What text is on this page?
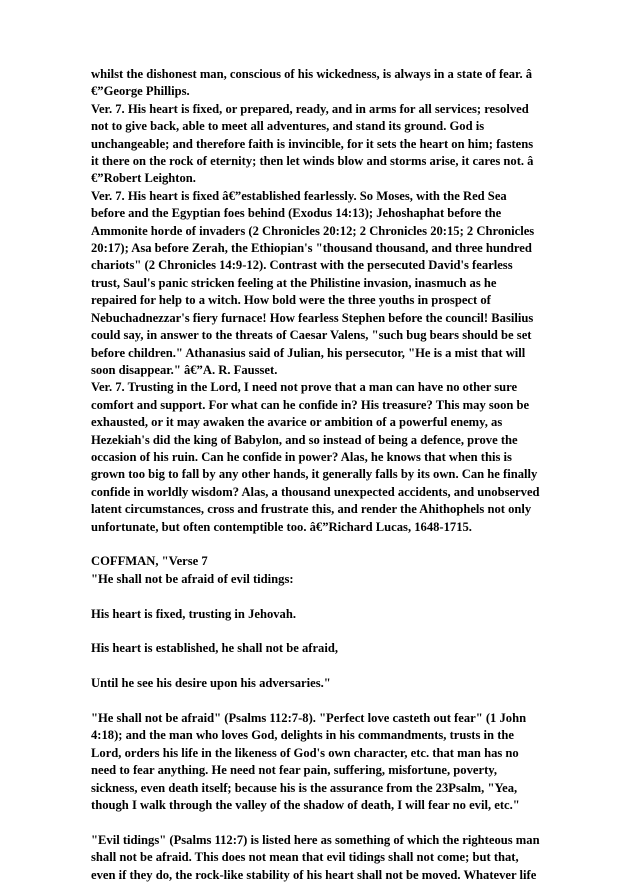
whilst the dishonest man, conscious of his wickedness, is always in a state of fear. â
€”George Phillips.

Ver. 7. His heart is fixed, or prepared, ready, and in arms for all services; resolved
not to give back, able to meet all adventures, and stand its ground. God is
unchangeable; and therefore faith is invincible, for it sets the heart on him; fastens
it there on the rock of eternity; then let winds blow and storms arise, it cares not. â
€”Robert Leighton.

Ver. 7. His heart is fixed â€”established fearlessly. So Moses, with the Red Sea
before and the Egyptian foes behind (Exodus 14:13); Jehoshaphat before the
Ammonite horde of invaders (2 Chronicles 20:12; 2 Chronicles 20:15; 2 Chronicles
20:17); Asa before Zerah, the Ethiopian's "thousand thousand, and three hundred
chariots" (2 Chronicles 14:9-12). Contrast with the persecuted David's fearless
trust, Saul's panic stricken feeling at the Philistine invasion, inasmuch as he
repaired for help to a witch. How bold were the three youths in prospect of
Nebuchadnezzar's fiery furnace! How fearless Stephen before the council! Basilius
could say, in answer to the threats of Caesar Valens, "such bug bears should be set
before children." Athanasius said of Julian, his persecutor, "He is a mist that will
soon disappear." â€”A. R. Fausset.

Ver. 7. Trusting in the Lord, I need not prove that a man can have no other sure
comfort and support. For what can he confide in? His treasure? This may soon be
exhausted, or it may awaken the avarice or ambition of a powerful enemy, as
Hezekiah's did the king of Babylon, and so instead of being a defence, prove the
occasion of his ruin. Can he confide in power? Alas, he knows that when this is
grown too big to fall by any other hands, it generally falls by its own. Can he finally
confide in worldly wisdom? Alas, a thousand unexpected accidents, and unobserved
latent circumstances, cross and frustrate this, and render the Ahithophels not only
unfortunate, but often contemptible too. â€”Richard Lucas, 1648-1715.

COFFMAN, "Verse 7
"He shall not be afraid of evil tidings:

His heart is fixed, trusting in Jehovah.

His heart is established, he shall not be afraid,

Until he see his desire upon his adversaries."

"He shall not be afraid" (Psalms 112:7-8). "Perfect love casteth out fear" (1 John
4:18); and the man who loves God, delights in his commandments, trusts in the
Lord, orders his life in the likeness of God's own character, etc. that man has no
need to fear anything. He need not fear pain, suffering, misfortune, poverty,
sickness, even death itself; because his is the assurance from the 23Psalm, "Yea,
though I walk through the valley of the shadow of death, I will fear no evil, etc."

"Evil tidings" (Psalms 112:7) is listed here as something of which the righteous man
shall not be afraid. This does not mean that evil tidings shall not come; but that,
even if they do, the rock-like stability of his heart shall not be moved. Whatever life
